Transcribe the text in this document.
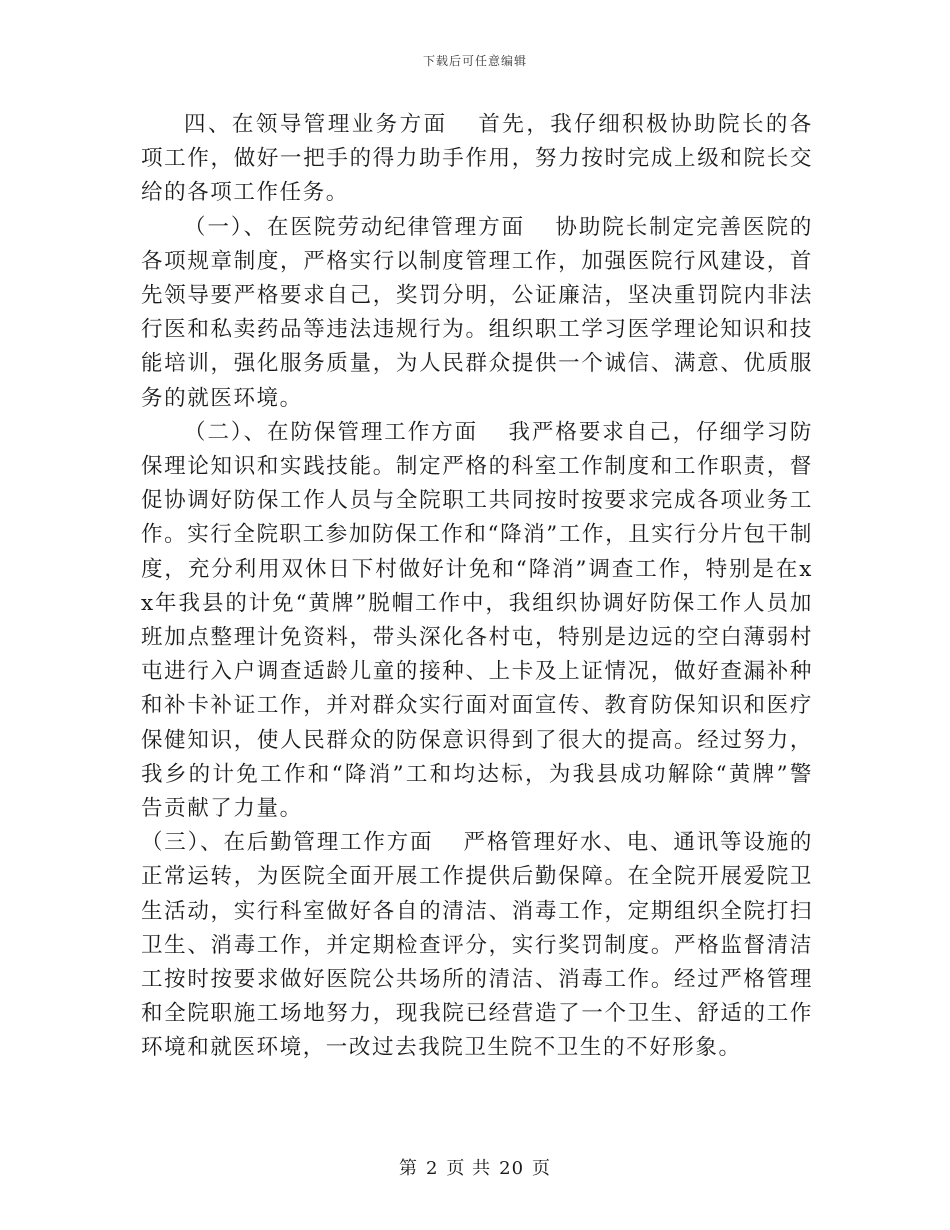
下载后可任意编辑

四、在领导管理业务方面 首先，我仔细积极协助院长的各项工作，做好一把手的得力助手作用，努力按时完成上级和院长交给的各项工作任务。

（一）、在医院劳动纪律管理方面 协助院长制定完善医院的各项规章制度，严格实行以制度管理工作，加强医院行风建设，首先领导要严格要求自己，奖罚分明，公证廉洁，坚决重罚院内非法行医和私卖药品等违法违规行为。组织职工学习医学理论知识和技能培训，强化服务质量，为人民群众提供一个诚信、满意、优质服务的就医环境。

（二）、在防保管理工作方面 我严格要求自己，仔细学习防保理论知识和实践技能。制定严格的科室工作制度和工作职责，督促协调好防保工作人员与全院职工共同按时按要求完成各项业务工作。实行全院职工参加防保工作和“降消”工作，且实行分片包干制度，充分利用双休日下村做好计免和“降消”调查工作，特别是在xx年我县的计免“黄牌”脱帽工作中，我组织协调好防保工作人员加班加点整理计免资料，带头深化各村屯，特别是边远的空白薄弱村屯进行入户调查适龄儿童的接种、上卡及上证情况，做好查漏补种和补卡补证工作，并对群众实行面对面宣传、教育防保知识和医疗保健知识，使人民群众的防保意识得到了很大的提高。经过努力，我乡的计免工作和“降消”工和均达标，为我县成功解除“黄牌”警告贡献了力量。

（三）、在后勤管理工作方面 严格管理好水、电、通讯等设施的正常运转，为医院全面开展工作提供后勤保障。在全院开展爱院卫生活动，实行科室做好各自的清洁、消毒工作，定期组织全院打扫卫生、消毒工作，并定期检查评分，实行奖罚制度。严格监督清洁工按时按要求做好医院公共场所的清洁、消毒工作。经过严格管理和全院职施工场地努力，现我院已经营造了一个卫生、舒适的工作环境和就医环境，一改过去我院卫生院不卫生的不好形象。

第 2 页 共 20 页
